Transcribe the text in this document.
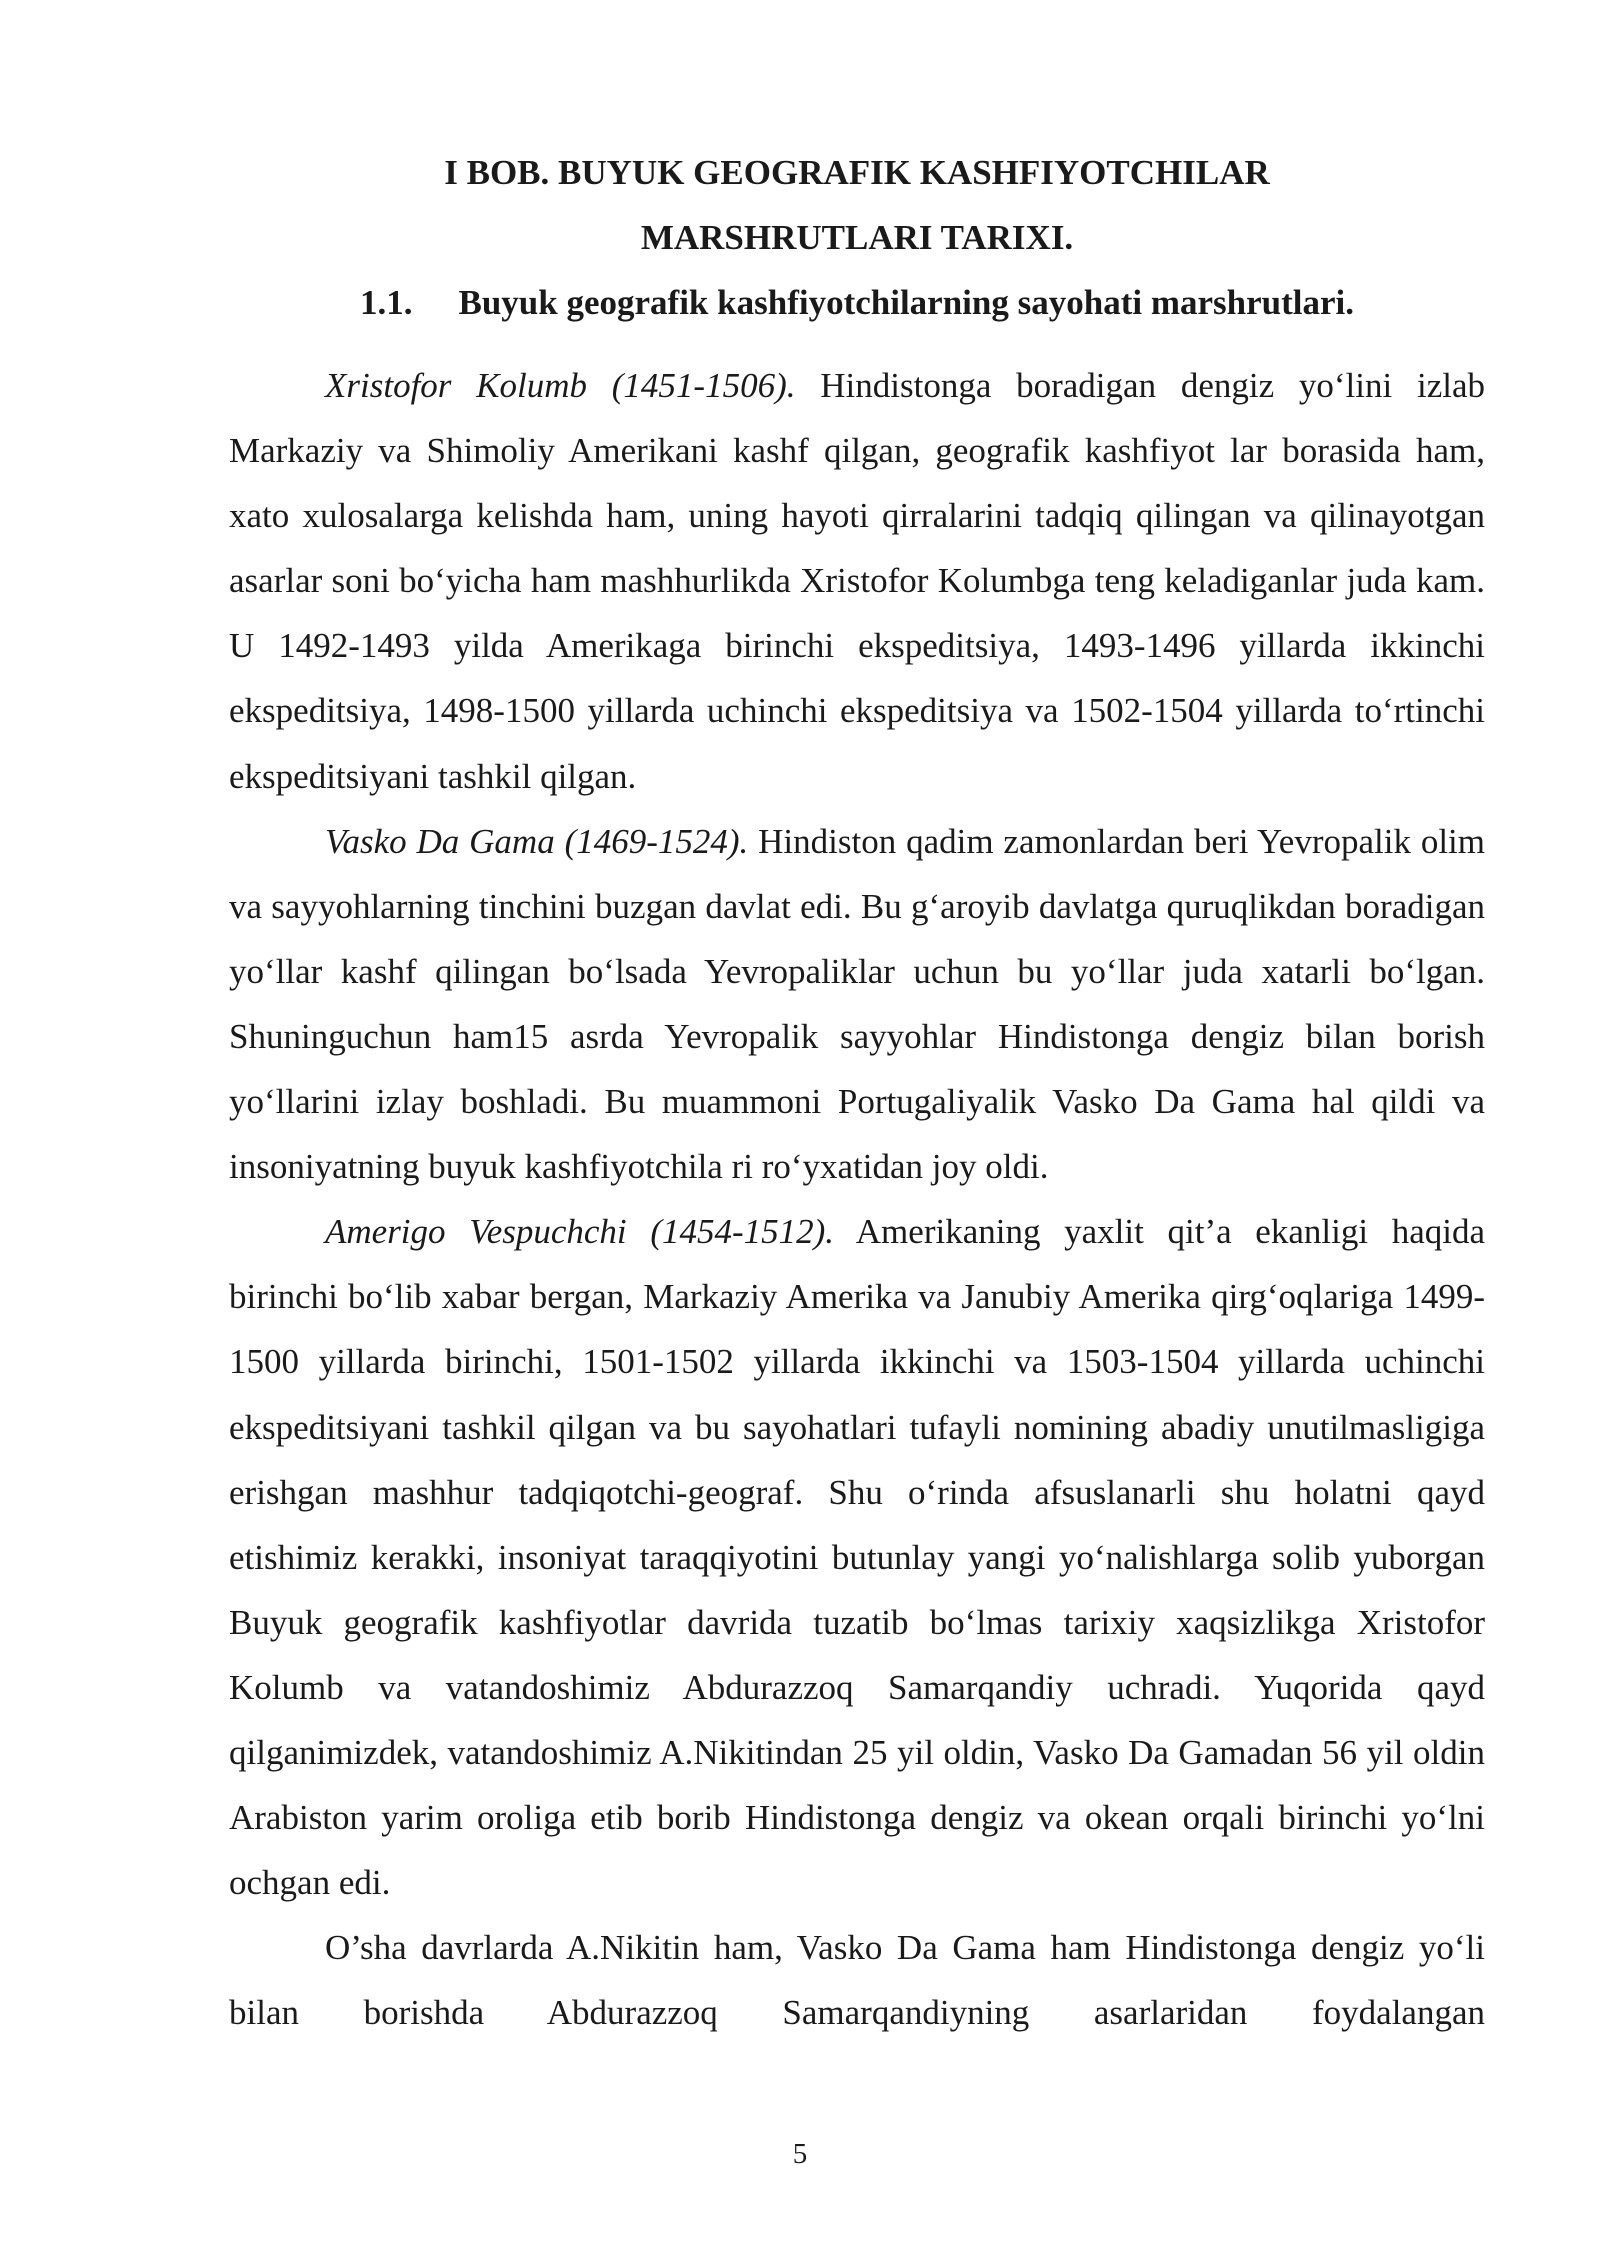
I BOB. BUYUK GEOGRAFIK KASHFIYOTCHILAR
MARSHRUTLARI TARIXI.
1.1. Buyuk geografik kashfiyotchilarning sayohati marshrutlari.

Xristofor Kolumb (1451-1506). Hindistonga boradigan dengiz yo‘lini izlab Markaziy va Shimoliy Amerikani kashf qilgan, geografik kashfiyot lar borasida ham, xato xulosalarga kelishda ham, uning hayoti qirralarini tadqiq qilingan va qilinayotgan asarlar soni bo‘yicha ham mashhurlikda Xristofor Kolumbga teng keladiganlar juda kam. U 1492-1493 yilda Amerikaga birinchi ekspeditsiya, 1493-1496 yillarda ikkinchi ekspeditsiya, 1498-1500 yillarda uchinchi ekspeditsiya va 1502-1504 yillarda to‘rtinchi ekspeditsiyani tashkil qilgan.

Vasko Da Gama (1469-1524). Hindiston qadim zamonlardan beri Yevropalik olim va sayyohlarning tinchini buzgan davlat edi. Bu g‘aroyib davlatga quruqlikdan boradigan yo‘llar kashf qilingan bo‘lsada Yevropaliklar uchun bu yo‘llar juda xatarli bo‘lgan. Shuninguchun ham15 asrda Yevropalik sayyohlar Hindistonga dengiz bilan borish yo‘llarini izlay boshladi. Bu muammoni Portugaliyalik Vasko Da Gama hal qildi va insoniyatning buyuk kashfiyotchila ri ro‘yxatidan joy oldi.

Amerigo Vespuchchi (1454-1512). Amerikaning yaxlit qit’a ekanligi haqida birinchi bo‘lib xabar bergan, Markaziy Amerika va Janubiy Amerika qirg‘oqlariga 1499-1500 yillarda birinchi, 1501-1502 yillarda ikkinchi va 1503-1504 yillarda uchinchi ekspeditsiyani tashkil qilgan va bu sayohatlari tufayli nomining abadiy unutilmasligiga erishgan mashhur tadqiqotchi-geograf. Shu o‘rinda afsuslanarli shu holatni qayd etishimiz kerakki, insoniyat taraqqiyotini butunlay yangi yo‘nalishlarga solib yuborgan Buyuk geografik kashfiyotlar davrida tuzatib bo‘lmas tarixiy xaqsizlikga Xristofor Kolumb va vatandoshimiz Abdurazzoq Samarqandiy uchradi. Yuqorida qayd qilganimizdek, vatandoshimiz A.Nikitindan 25 yil oldin, Vasko Da Gamadan 56 yil oldin Arabiston yarim oroliga etib borib Hindistonga dengiz va okean orqali birinchi yo‘lni ochgan edi.

O’sha davrlarda A.Nikitin ham, Vasko Da Gama ham Hindistonga dengiz yo‘li bilan borishda Abdurazzoq Samarqandiyning asarlaridan foydalangan

5
